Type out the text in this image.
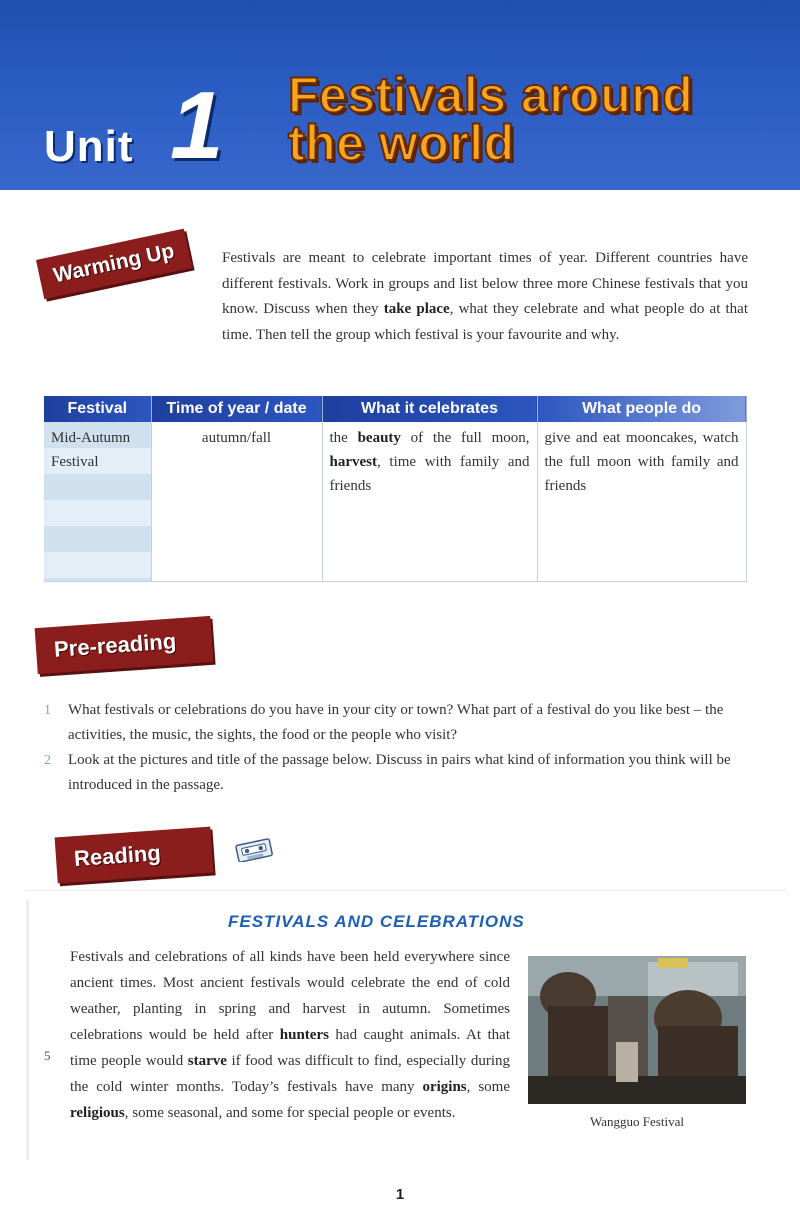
Unit 1 Festivals around
the world
Warming Up	Festivals are meant to celebrate important times of year. Different countries have different festivals. Work in groups and list below three more Chinese festivals that you know. Discuss when they take place, what they celebrate and what people do at that time. Then tell the group which festival is your favourite and why.
Festival	Time of year / date	What it celebrates	What people do
Mid-Autumn
Festival	autumn/fall	the beauty of the full moon, harvest, time with family and friends	give and eat mooncakes, watch the full moon with family and friends
Pre-reading
1 What festivals or celebrations do you have in your city or town? What part of a festival do you like best – the activities, the music, the sights, the food or the people who visit?
2 Look at the pictures and title of the passage below. Discuss in pairs what kind of information you think will be introduced in the passage.
Reading
FESTIVALS AND CELEBRATIONS
Festivals and celebrations of all kinds have been held everywhere since ancient times. Most ancient festivals would celebrate the end of cold weather, planting in spring and harvest in autumn. Sometimes celebrations would be held after hunters had caught animals. At that time people would starve if food was difficult to find, especially during the cold winter months. Today’s festivals have many origins, some religious, some seasonal, and some for special people or events.
5
Wangguo Festival
1
